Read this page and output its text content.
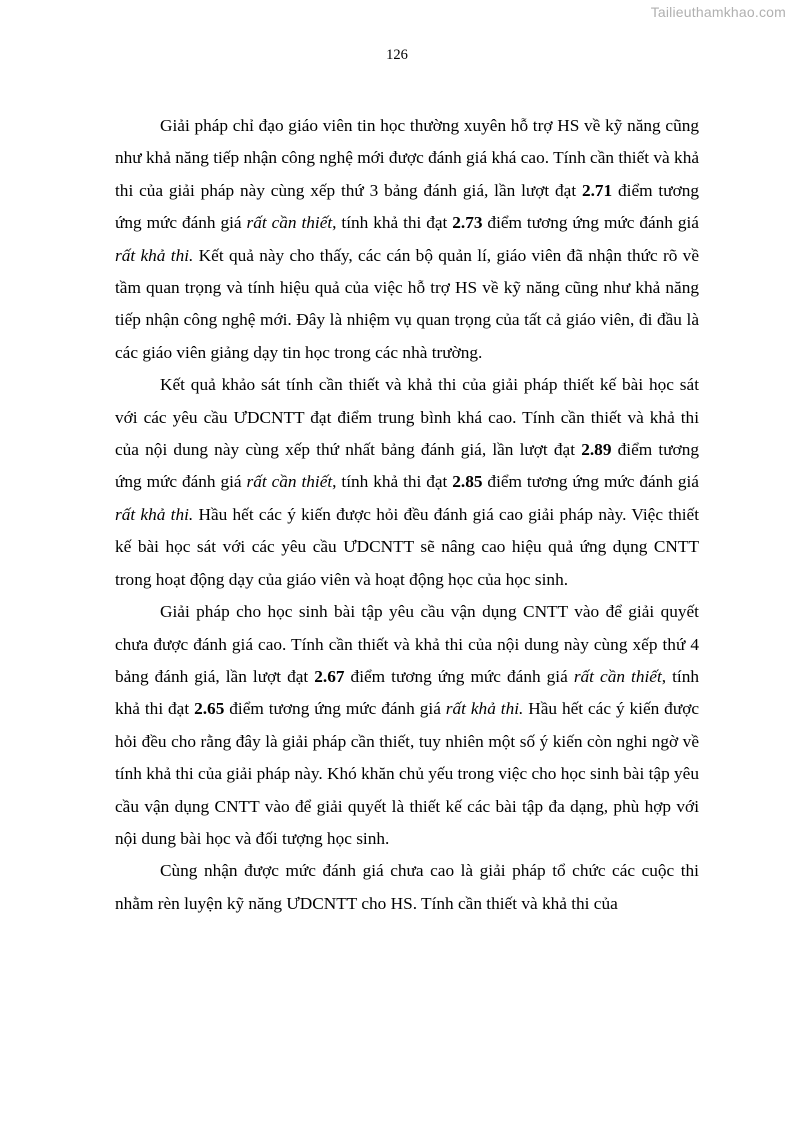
Tailieuthamkhao.com
126

Giải pháp chỉ đạo giáo viên tin học thường xuyên hỗ trợ HS về kỹ năng cũng như khả năng tiếp nhận công nghệ mới được đánh giá khá cao. Tính cần thiết và khả thi của giải pháp này cùng xếp thứ 3 bảng đánh giá, lần lượt đạt 2.71 điểm tương ứng mức đánh giá rất cần thiết, tính khả thi đạt 2.73 điểm tương ứng mức đánh giá rất khả thi. Kết quả này cho thấy, các cán bộ quản lí, giáo viên đã nhận thức rõ về tầm quan trọng và tính hiệu quả của việc hỗ trợ HS về kỹ năng cũng như khả năng tiếp nhận công nghệ mới. Đây là nhiệm vụ quan trọng của tất cả giáo viên, đi đầu là các giáo viên giảng dạy tin học trong các nhà trường.

Kết quả khảo sát tính cần thiết và khả thi của giải pháp thiết kế bài học sát với các yêu cầu ƯDCNTT đạt điểm trung bình khá cao. Tính cần thiết và khả thi của nội dung này cùng xếp thứ nhất bảng đánh giá, lần lượt đạt 2.89 điểm tương ứng mức đánh giá rất cần thiết, tính khả thi đạt 2.85 điểm tương ứng mức đánh giá rất khả thi. Hầu hết các ý kiến được hỏi đều đánh giá cao giải pháp này. Việc thiết kế bài học sát với các yêu cầu ƯDCNTT sẽ nâng cao hiệu quả ứng dụng CNTT trong hoạt động dạy của giáo viên và hoạt động học của học sinh.

Giải pháp cho học sinh bài tập yêu cầu vận dụng CNTT vào để giải quyết chưa được đánh giá cao. Tính cần thiết và khả thi của nội dung này cùng xếp thứ 4 bảng đánh giá, lần lượt đạt 2.67 điểm tương ứng mức đánh giá rất cần thiết, tính khả thi đạt 2.65 điểm tương ứng mức đánh giá rất khả thi. Hầu hết các ý kiến được hỏi đều cho rằng đây là giải pháp cần thiết, tuy nhiên một số ý kiến còn nghi ngờ về tính khả thi của giải pháp này. Khó khăn chủ yếu trong việc cho học sinh bài tập yêu cầu vận dụng CNTT vào để giải quyết là thiết kế các bài tập đa dạng, phù hợp với nội dung bài học và đối tượng học sinh.

Cùng nhận được mức đánh giá chưa cao là giải pháp tổ chức các cuộc thi nhằm rèn luyện kỹ năng ƯDCNTT cho HS. Tính cần thiết và khả thi của
